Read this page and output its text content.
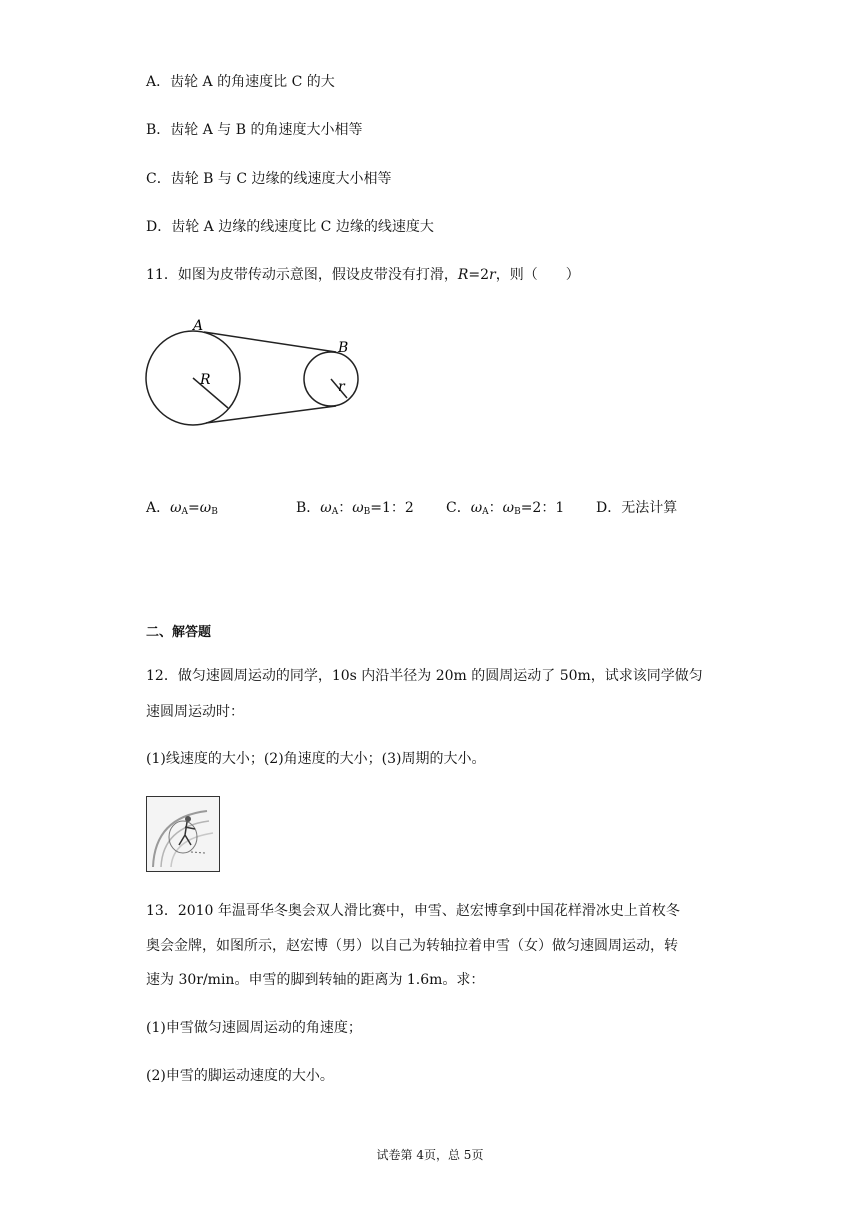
A．齿轮 A 的角速度比 C 的大
B．齿轮 A 与 B 的角速度大小相等
C．齿轮 B 与 C 边缘的线速度大小相等
D．齿轮 A 边缘的线速度比 C 边缘的线速度大
11．如图为皮带传动示意图，假设皮带没有打滑，R=2r，则（　　）
A
B
R	r
A．$\omega_A=\omega_B$	B．$\omega_A$：$\omega_B=1$：2 C．$\omega_A$：$\omega_B=2$：1 D．无法计算
二、解答题
12．做匀速圆周运动的同学，10s 内沿半径为 20m 的圆周运动了 50m，试求该同学做匀
速圆周运动时：
(1)线速度的大小；(2)角速度的大小；(3)周期的大小。
13．2010 年温哥华冬奥会双人滑比赛中，申雪、赵宏博拿到中国花样滑冰史上首枚冬
奥会金牌，如图所示，赵宏博（男）以自己为转轴拉着申雪（女）做匀速圆周运动，转
速为 30r/min。申雪的脚到转轴的距离为 1.6m。求：
(1)申雪做匀速圆周运动的角速度；
(2)申雪的脚运动速度的大小。
试卷第 4页，总 5页
